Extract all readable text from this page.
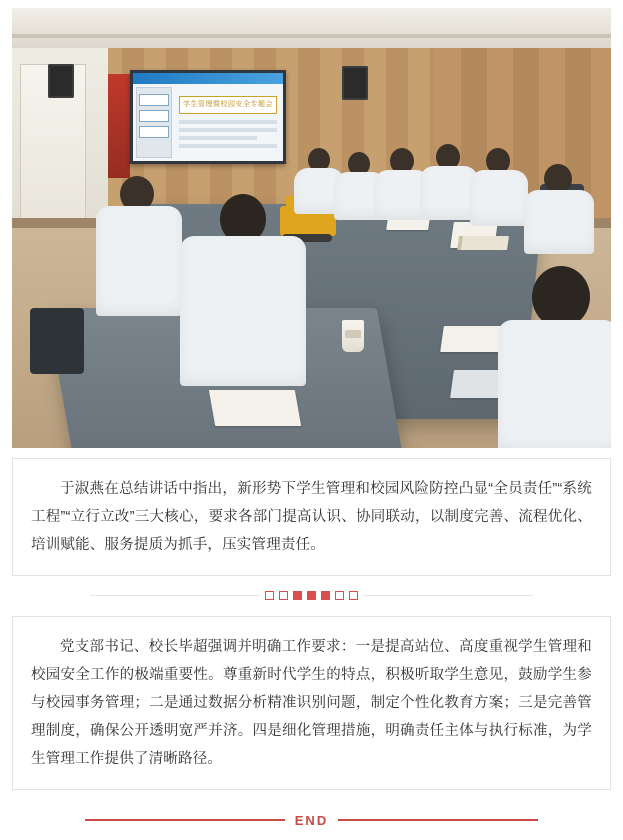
学生管理暨校园安全专题会

于淑燕在总结讲话中指出，新形势下学生管理和校园风险防控凸显“全员责任”“系统工程”“立行立改”三大核心，要求各部门提高认识、协同联动，以制度完善、流程优化、培训赋能、服务提质为抓手，压实管理责任。

党支部书记、校长毕超强调并明确工作要求：一是提高站位、高度重视学生管理和校园安全工作的极端重要性。尊重新时代学生的特点，积极听取学生意见，鼓励学生参与校园事务管理；二是通过数据分析精准识别问题，制定个性化教育方案；三是完善管理制度，确保公开透明宽严并济。四是细化管理措施，明确责任主体与执行标准，为学生管理工作提供了清晰路径。

END
